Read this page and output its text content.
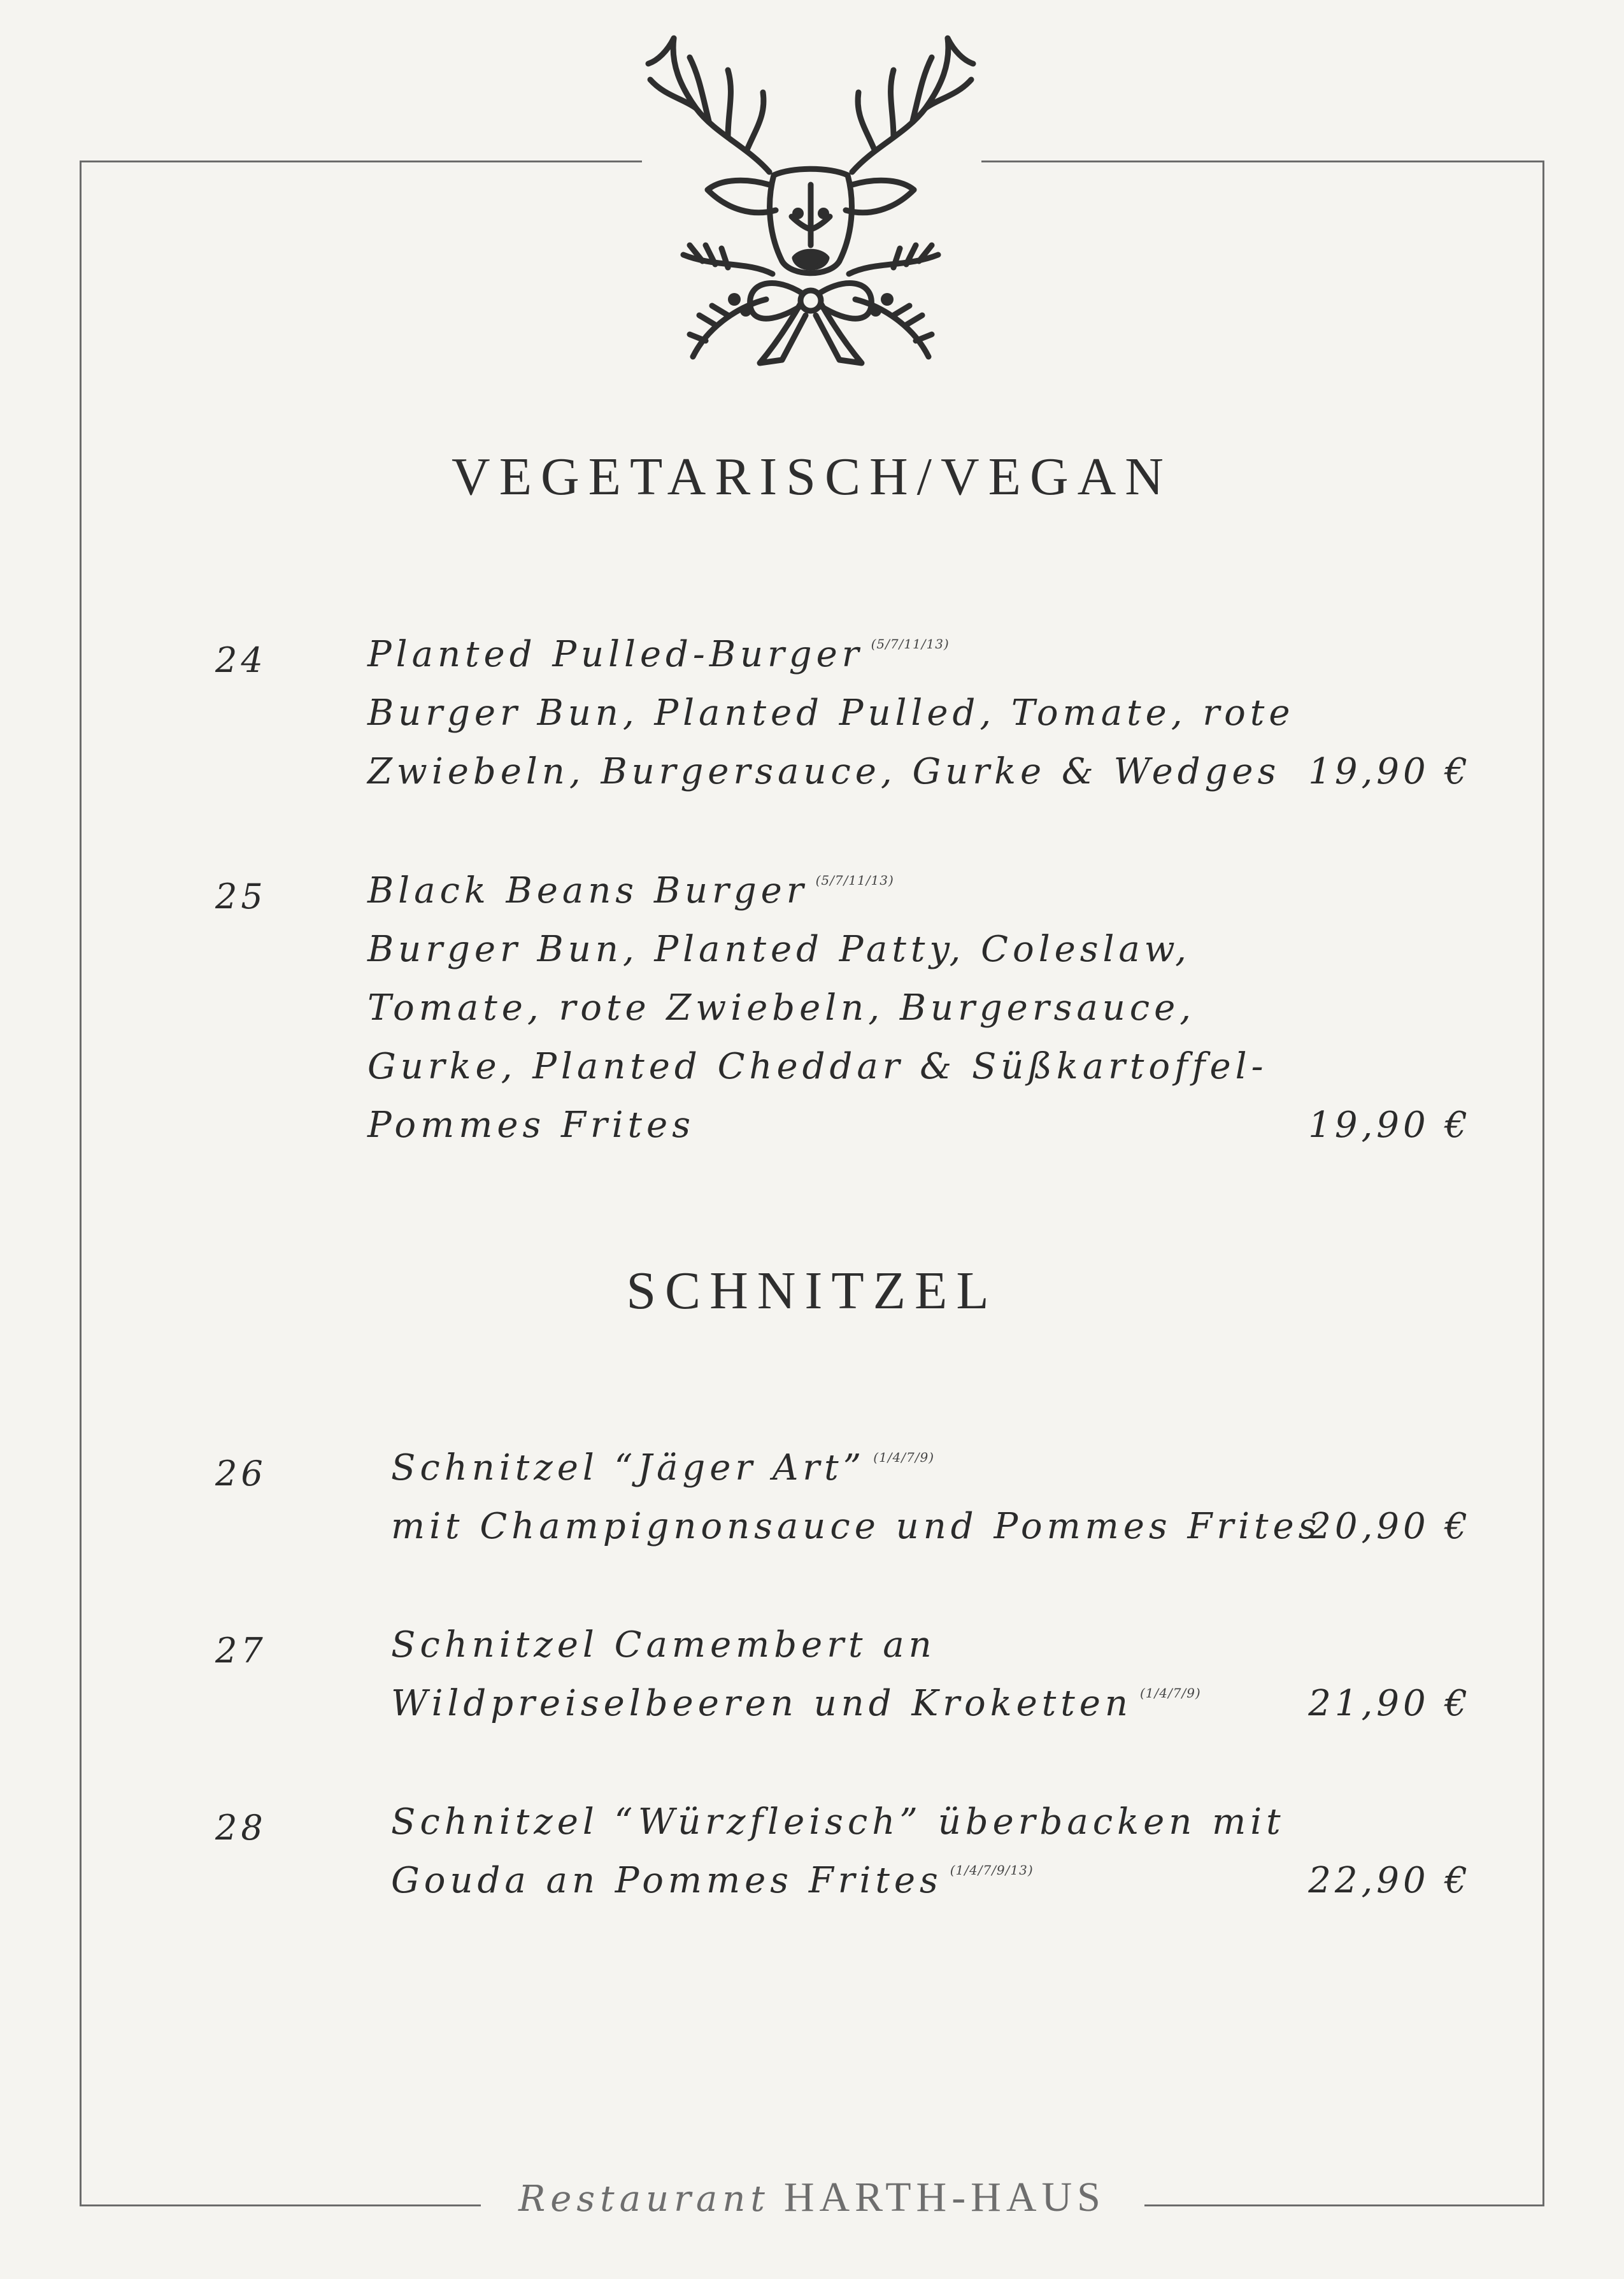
VEGETARISCH/VEGAN
24	Planted Pulled-Burger $^{(5/7/11/13)}$
Burger Bun, Planted Pulled, Tomate, rote
Zwiebeln, Burgersauce, Gurke & Wedges 19,90 €
25	Black Beans Burger $^{(5/7/11/13)}$
Burger Bun, Planted Patty, Coleslaw,
Tomate, rote Zwiebeln, Burgersauce,
Gurke, Planted Cheddar & Süßkartoffel-
Pommes Frites	19,90 €
SCHNITZEL
26	Schnitzel “Jäger Art” $^{(1/4/7/9)}$
mit Champignonsauce und Pommes Frites
20,90 €
27	Schnitzel Camembert an
Wildpreiselbeeren und Kroketten $^{(1/4/7/9)}$	21,90 €
28	Schnitzel “Würzfleisch” überbacken mit
Gouda an Pommes Frites $^{(1/4/7/9/13)}$	22,90 €
Restaurant HARTH-HAUS
